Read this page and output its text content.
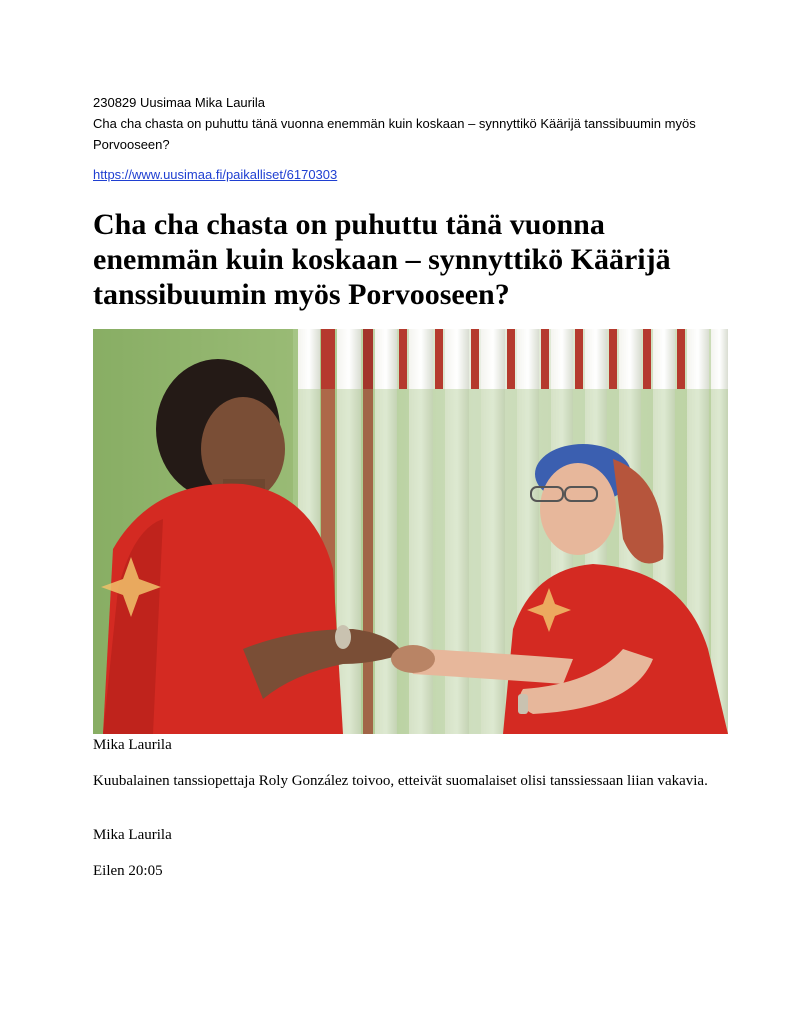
230829 Uusimaa Mika Laurila
Cha cha chasta on puhuttu tänä vuonna enemmän kuin koskaan – synnyttikö Käärijä tanssibuumin myös Porvooseen?
https://www.uusimaa.fi/paikalliset/6170303
Cha cha chasta on puhuttu tänä vuonna enemmän kuin koskaan – synnyttikö Käärijä tanssibuumin myös Porvooseen?
Mika Laurila
Kuubalainen tanssiopettaja Roly González toivoo, etteivät suomalaiset olisi tanssiessaan liian vakavia.
Mika Laurila
Eilen 20:05
